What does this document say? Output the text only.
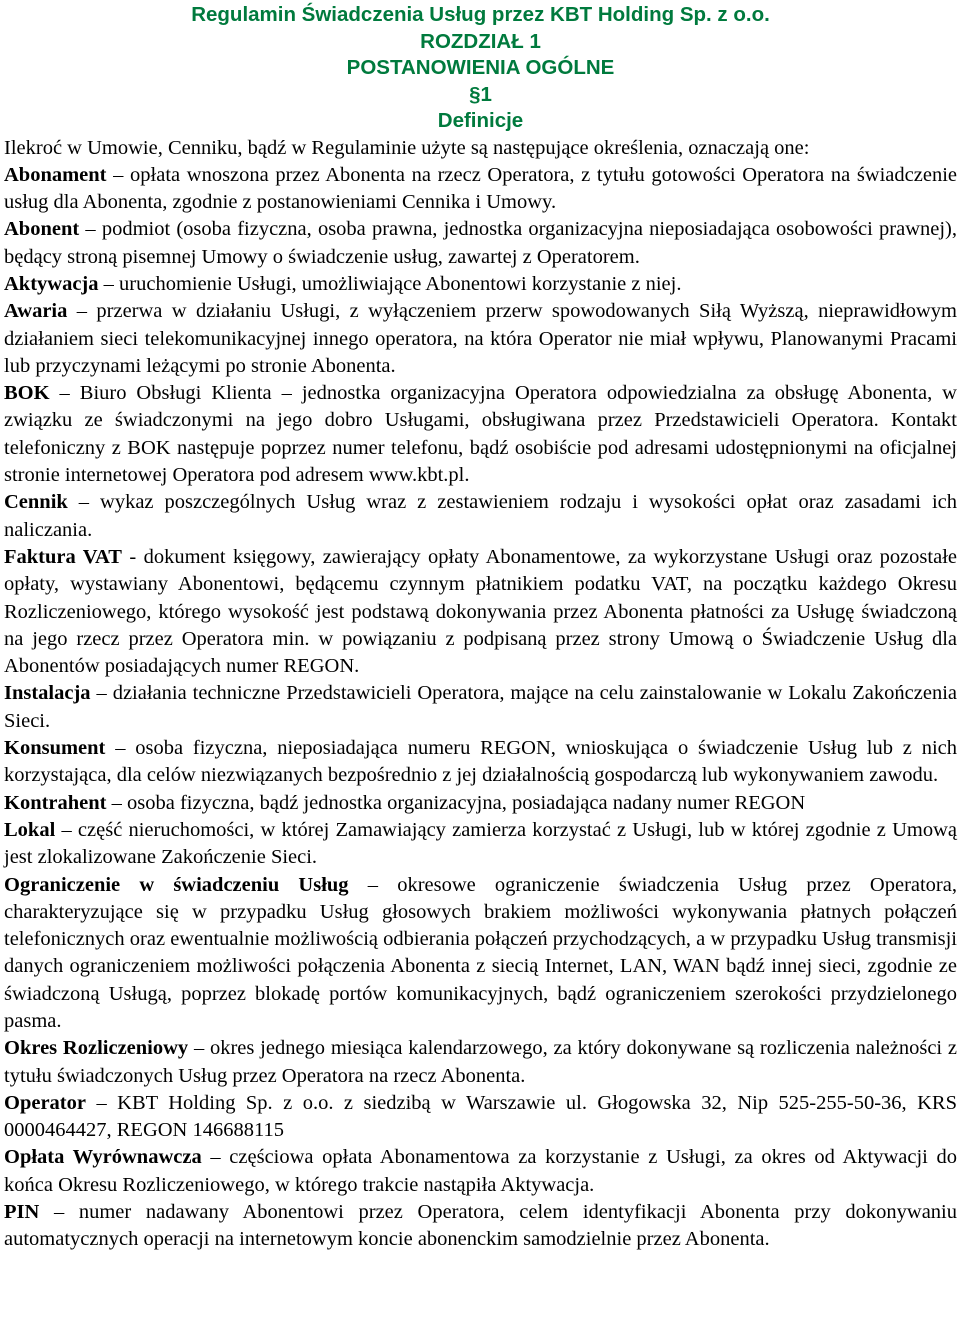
Regulamin Świadczenia Usług przez KBT Holding Sp. z o.o.
ROZDZIAŁ 1
POSTANOWIENIA OGÓLNE
§1
Definicje

Ilekroć w Umowie, Cenniku, bądź w Regulaminie użyte są następujące określenia, oznaczają one:

Abonament – opłata wnoszona przez Abonenta na rzecz Operatora, z tytułu gotowości Operatora na świadczenie usług dla Abonenta, zgodnie z postanowieniami Cennika i Umowy.

Abonent – podmiot (osoba fizyczna, osoba prawna, jednostka organizacyjna nieposiadająca osobowości prawnej), będący stroną pisemnej Umowy o świadczenie usług, zawartej z Operatorem.

Aktywacja – uruchomienie Usługi, umożliwiające Abonentowi korzystanie z niej.

Awaria – przerwa w działaniu Usługi, z wyłączeniem przerw spowodowanych Siłą Wyższą, nieprawidłowym działaniem sieci telekomunikacyjnej innego operatora, na która Operator nie miał wpływu, Planowanymi Pracami lub przyczynami leżącymi po stronie Abonenta.

BOK – Biuro Obsługi Klienta – jednostka organizacyjna Operatora odpowiedzialna za obsługę Abonenta, w związku ze świadczonymi na jego dobro Usługami, obsługiwana przez Przedstawicieli Operatora. Kontakt telefoniczny z BOK następuje poprzez numer telefonu, bądź osobiście pod adresami udostępnionymi na oficjalnej stronie internetowej Operatora pod adresem www.kbt.pl.

Cennik – wykaz poszczególnych Usług wraz z zestawieniem rodzaju i wysokości opłat oraz zasadami ich naliczania.

Faktura VAT - dokument księgowy, zawierający opłaty Abonamentowe, za wykorzystane Usługi oraz pozostałe opłaty, wystawiany Abonentowi, będącemu czynnym płatnikiem podatku VAT, na początku każdego Okresu Rozliczeniowego, którego wysokość jest podstawą dokonywania przez Abonenta płatności za Usługę świadczoną na jego rzecz przez Operatora min. w powiązaniu z podpisaną przez strony Umową o Świadczenie Usług dla Abonentów posiadających numer REGON.

Instalacja – działania techniczne Przedstawicieli Operatora, mające na celu zainstalowanie w Lokalu Zakończenia Sieci.

Konsument – osoba fizyczna, nieposiadająca numeru REGON, wnioskująca o świadczenie Usług lub z nich korzystająca, dla celów niezwiązanych bezpośrednio z jej działalnością gospodarczą lub wykonywaniem zawodu.

Kontrahent – osoba fizyczna, bądź jednostka organizacyjna, posiadająca nadany numer REGON

Lokal – część nieruchomości, w której Zamawiający zamierza korzystać z Usługi, lub w której zgodnie z Umową jest zlokalizowane Zakończenie Sieci.

Ograniczenie w świadczeniu Usług – okresowe ograniczenie świadczenia Usług przez Operatora, charakteryzujące się w przypadku Usług głosowych brakiem możliwości wykonywania płatnych połączeń telefonicznych oraz ewentualnie możliwością odbierania połączeń przychodzących, a w przypadku Usług transmisji danych ograniczeniem możliwości połączenia Abonenta z siecią Internet, LAN, WAN bądź innej sieci, zgodnie ze świadczoną Usługą, poprzez blokadę portów komunikacyjnych, bądź ograniczeniem szerokości przydzielonego pasma.

Okres Rozliczeniowy – okres jednego miesiąca kalendarzowego, za który dokonywane są rozliczenia należności z tytułu świadczonych Usług przez Operatora na rzecz Abonenta.

Operator – KBT Holding Sp. z o.o. z siedzibą w Warszawie ul. Głogowska 32, Nip 525-255-50-36, KRS 0000464427, REGON 146688115

Opłata Wyrównawcza – częściowa opłata Abonamentowa za korzystanie z Usługi, za okres od Aktywacji do końca Okresu Rozliczeniowego, w którego trakcie nastąpiła Aktywacja.

PIN – numer nadawany Abonentowi przez Operatora, celem identyfikacji Abonenta przy dokonywaniu automatycznych operacji na internetowym koncie abonenckim samodzielnie przez Abonenta.
